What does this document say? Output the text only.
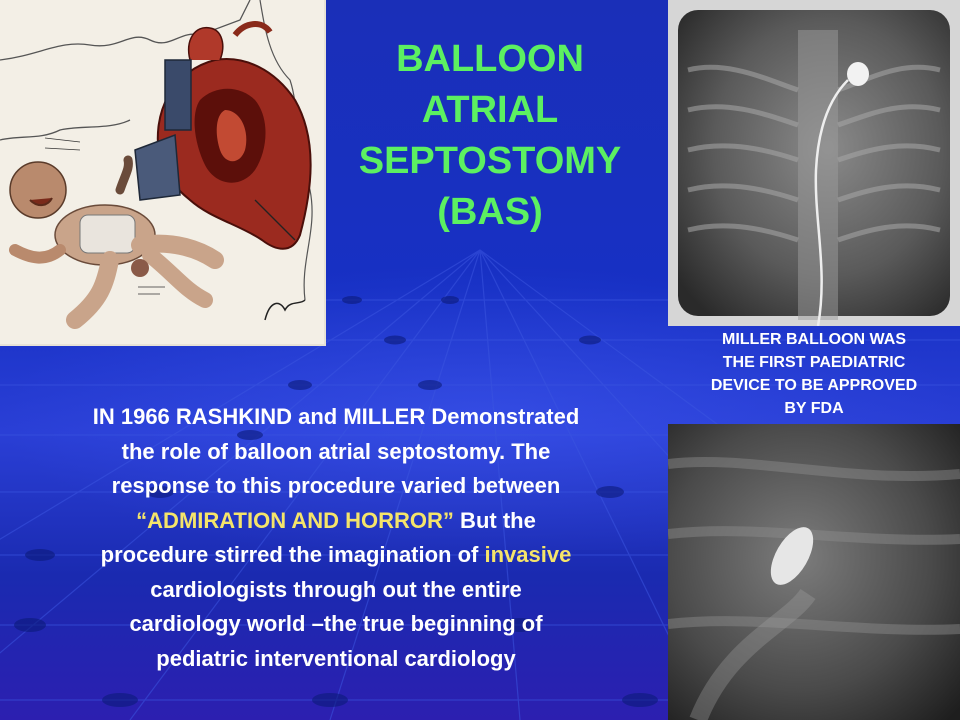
BALLOON
ATRIAL
SEPTOSTOMY
(BAS)
MILLER BALLOON WAS
THE FIRST PAEDIATRIC
DEVICE TO BE APPROVED
BY FDA
IN 1966 RASHKIND and MILLER Demonstrated
the role of balloon atrial septostomy. The
response to this procedure varied between
“ADMIRATION AND HORROR” But the
procedure stirred the imagination of invasive
cardiologists through out the entire
cardiology world –the true beginning of
pediatric interventional cardiology
